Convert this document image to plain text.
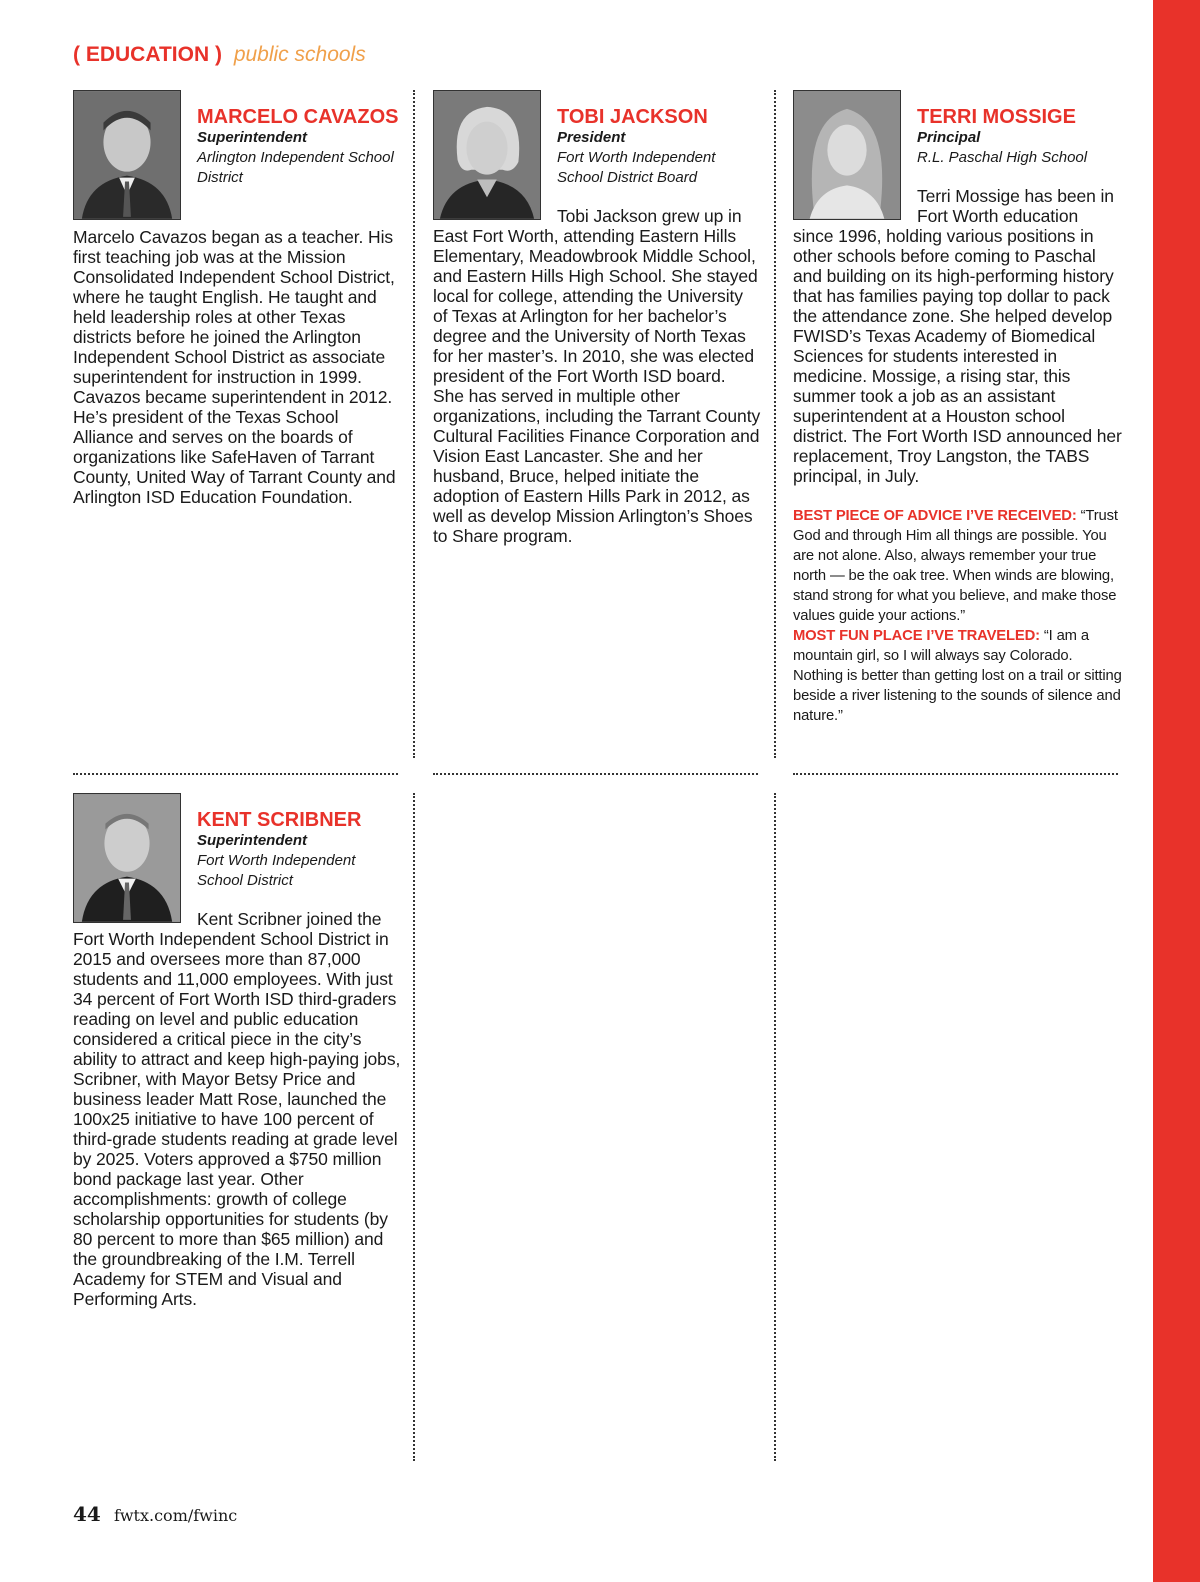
( EDUCATION ) public schools
MARCELO CAVAZOS
Superintendent
Arlington Independent School District

Marcelo Cavazos began as a teacher. His first teaching job was at the Mission Consolidated Independent School District, where he taught English. He taught and held leadership roles at other Texas districts before he joined the Arlington Independent School District as associate superintendent for instruction in 1999. Cavazos became superintendent in 2012. He’s president of the Texas School Alliance and serves on the boards of organizations like SafeHaven of Tarrant County, United Way of Tarrant County and Arlington ISD Education Foundation.

TOBI JACKSON
President
Fort Worth Independent School District Board

Tobi Jackson grew up in East Fort Worth, attending Eastern Hills Elementary, Meadowbrook Middle School, and Eastern Hills High School. She stayed local for college, attending the University of Texas at Arlington for her bachelor’s degree and the University of North Texas for her master’s. In 2010, she was elected president of the Fort Worth ISD board. She has served in multiple other organizations, including the Tarrant County Cultural Facilities Finance Corporation and Vision East Lancaster. She and her husband, Bruce, helped initiate the adoption of Eastern Hills Park in 2012, as well as develop Mission Arlington’s Shoes to Share program.

TERRI MOSSIGE
Principal
R.L. Paschal High School

Terri Mossige has been in Fort Worth education since 1996, holding various positions in other schools before coming to Paschal and building on its high-performing history that has families paying top dollar to pack the attendance zone. She helped develop FWISD’s Texas Academy of Biomedical Sciences for students interested in medicine. Mossige, a rising star, this summer took a job as an assistant superintendent at a Houston school district. The Fort Worth ISD announced her replacement, Troy Langston, the TABS principal, in July.

BEST PIECE OF ADVICE I’VE RECEIVED: “Trust God and through Him all things are possible. You are not alone. Also, always remember your true north — be the oak tree. When winds are blowing, stand strong for what you believe, and make those values guide your actions.”
MOST FUN PLACE I’VE TRAVELED: “I am a mountain girl, so I will always say Colorado. Nothing is better than getting lost on a trail or sitting beside a river listening to the sounds of silence and nature.”
KENT SCRIBNER
Superintendent
Fort Worth Independent School District

Kent Scribner joined the Fort Worth Independent School District in 2015 and oversees more than 87,000 students and 11,000 employees. With just 34 percent of Fort Worth ISD third-graders reading on level and public education considered a critical piece in the city’s ability to attract and keep high-paying jobs, Scribner, with Mayor Betsy Price and business leader Matt Rose, launched the 100x25 initiative to have 100 percent of third-grade students reading at grade level by 2025. Voters approved a $750 million bond package last year. Other accomplishments: growth of college scholarship opportunities for students (by 80 percent to more than $65 million) and the groundbreaking of the I.M. Terrell Academy for STEM and Visual and Performing Arts.

44 fwtx.com/fwinc
